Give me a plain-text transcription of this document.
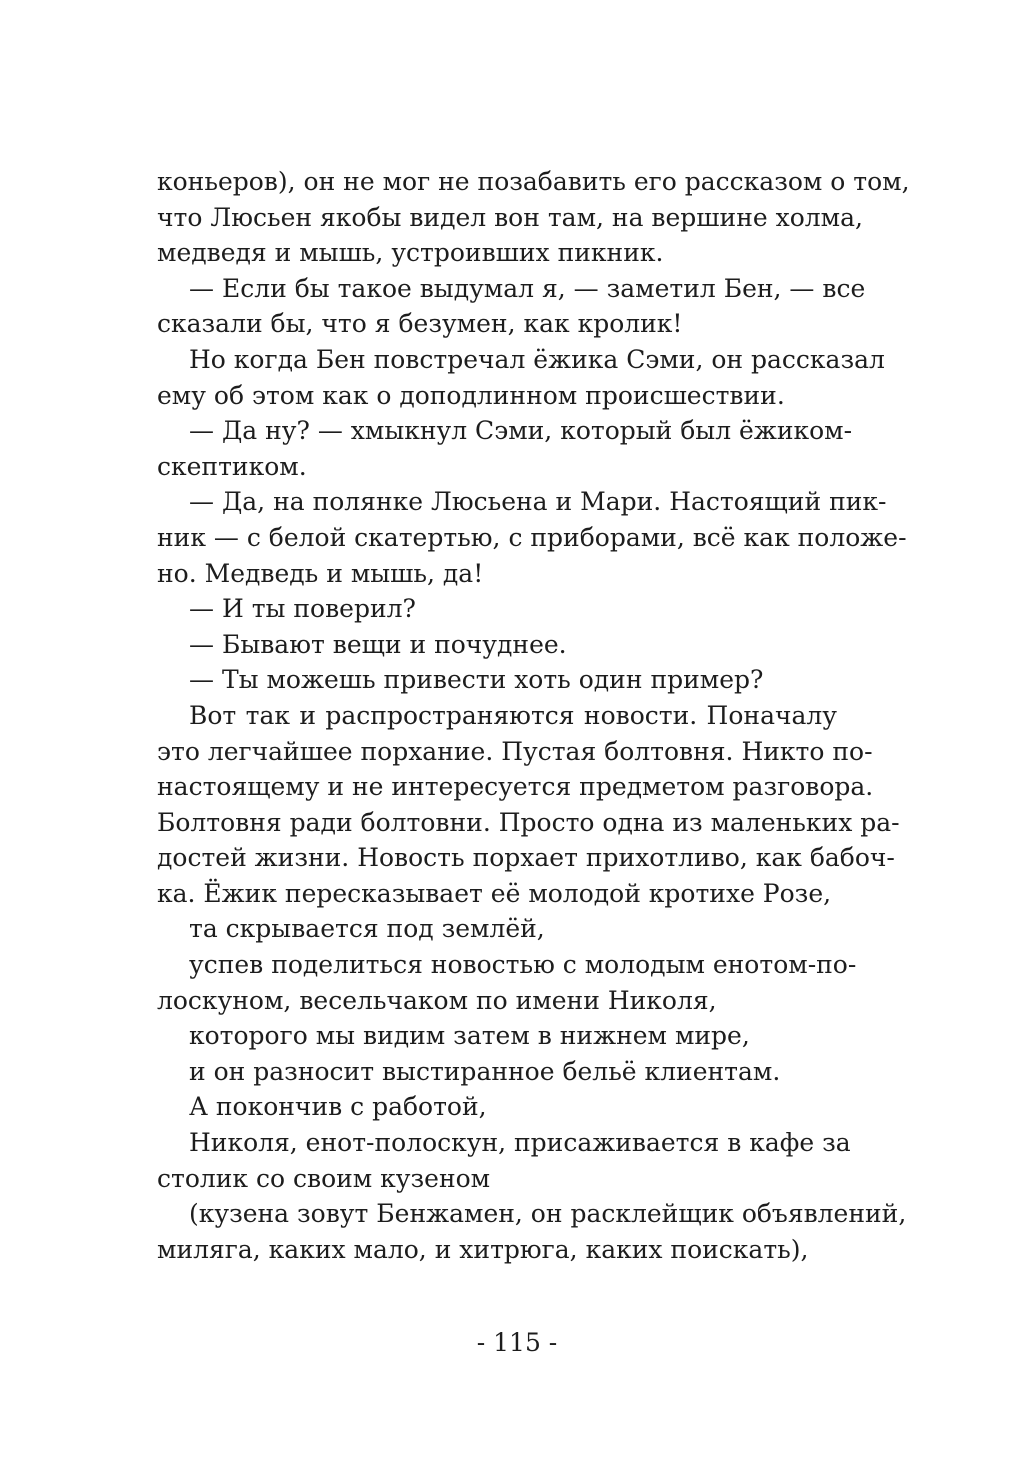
коньеров), он не мог не позабавить его рассказом о том,
что Люсьен якобы видел вон там, на вершине холма,
медведя и мышь, устроивших пикник.
— Если бы такое выдумал я, — заметил Бен, — все
сказали бы, что я безумен, как кролик!
Но когда Бен повстречал ёжика Сэми, он рассказал
ему об этом как о доподлинном происшествии.
— Да ну? — хмыкнул Сэми, который был ёжиком-
скептиком.
— Да, на полянке Люсьена и Мари. Настоящий пик-
ник — с белой скатертью, с приборами, всё как положе-
но. Медведь и мышь, да!
— И ты поверил?
— Бывают вещи и почуднее.
— Ты можешь привести хоть один пример?
Вот так и распространяются новости. Поначалу
это легчайшее порхание. Пустая болтовня. Никто по-
настоящему и не интересуется предметом разговора.
Болтовня ради болтовни. Просто одна из маленьких ра-
достей жизни. Новость порхает прихотливо, как бабоч-
ка. Ёжик пересказывает её молодой кротихе Розе,
та скрывается под землёй,
успев поделиться новостью с молодым енотом-по-
лоскуном, весельчаком по имени Николя,
которого мы видим затем в нижнем мире,
и он разносит выстиранное бельё клиентам.
А покончив с работой,
Николя, енот-полоскун, присаживается в кафе за
столик со своим кузеном
(кузена зовут Бенжамен, он расклейщик объявлений,
миляга, каких мало, и хитрюга, каких поискать),
- 115 -
